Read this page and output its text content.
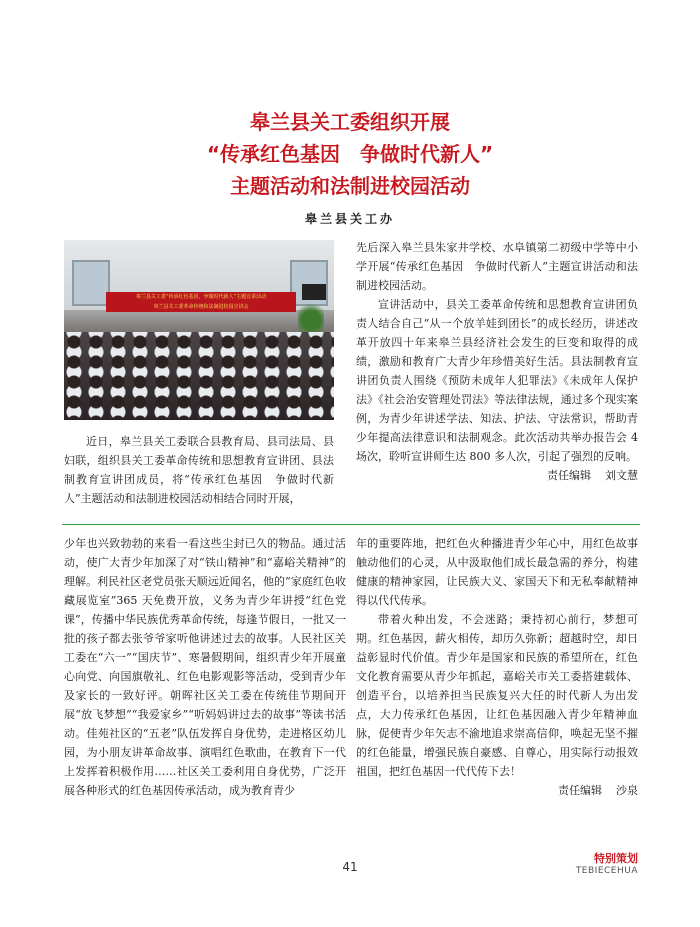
皋兰县关工委组织开展
“传承红色基因　争做时代新人”
主题活动和法制进校园活动
皋兰县关工办
皋兰县关工委“传承红色基因，争做时代新人”主题宣讲活动
皋兰县关工委革命传统和法制进校园宣讲会

近日，皋兰县关工委联合县教育局、县司法局、县妇联，组织县关工委革命传统和思想教育宣讲团、县法制教育宣讲团成员，将“传承红色基因　争做时代新人”主题活动和法制进校园活动相结合同时开展，

先后深入皋兰县朱家井学校、水阜镇第二初级中学等中小学开展“传承红色基因　争做时代新人”主题宣讲活动和法制进校园活动。

宣讲活动中，县关工委革命传统和思想教育宣讲团负责人结合自己“从一个放羊娃到团长”的成长经历，讲述改革开放四十年来皋兰县经济社会发生的巨变和取得的成绩，激励和教育广大青少年珍惜美好生活。县法制教育宣讲团负责人围绕《预防未成年人犯罪法》《未成年人保护法》《社会治安管理处罚法》等法律法规，通过多个现实案例，为青少年讲述学法、知法、护法、守法常识，帮助青少年提高法律意识和法制观念。此次活动共举办报告会 4 场次，聆听宣讲师生达 800 多人次，引起了强烈的反响。

责任编辑 刘文慧

少年也兴致勃勃的来看一看这些尘封已久的物品。通过活动，使广大青少年加深了对“铁山精神”和“嘉峪关精神”的理解。利民社区老党员张天顺远近闻名，他的“家庭红色收藏展览室”365 天免费开放，义务为青少年讲授“红色党课”，传播中华民族优秀革命传统，每逢节假日，一批又一批的孩子都去张爷爷家听他讲述过去的故事。人民社区关工委在“六一”“国庆节”、寒暑假期间，组织青少年开展童心向党、向国旗敬礼、红色电影观影等活动，受到青少年及家长的一致好评。朝晖社区关工委在传统佳节期间开展“放飞梦想”“我爱家乡”“听妈妈讲过去的故事”等读书活动。佳苑社区的“五老”队伍发挥自身优势，走进格区幼儿园，为小朋友讲革命故事、演唱红色歌曲，在教育下一代上发挥着积极作用……社区关工委利用自身优势，广泛开展各种形式的红色基因传承活动，成为教育青少

年的重要阵地，把红色火种播进青少年心中，用红色故事触动他们的心灵，从中汲取他们成长最急需的养分，构建健康的精神家园，让民族大义、家国天下和无私奉献精神得以代代传承。

带着火种出发，不会迷路；秉持初心前行，梦想可期。红色基因，薪火相传，却历久弥新；超越时空，却日益彰显时代价值。青少年是国家和民族的希望所在，红色文化教育需要从青少年抓起，嘉峪关市关工委搭建载体、创造平台，以培养担当民族复兴大任的时代新人为出发点，大力传承红色基因，让红色基因融入青少年精神血脉，促使青少年矢志不渝地追求崇高信仰，唤起无坚不摧的红色能量，增强民族自豪感、自尊心，用实际行动报效祖国，把红色基因一代代传下去！

责任编辑 沙泉

41
特别策划
TEBIECEHUA
